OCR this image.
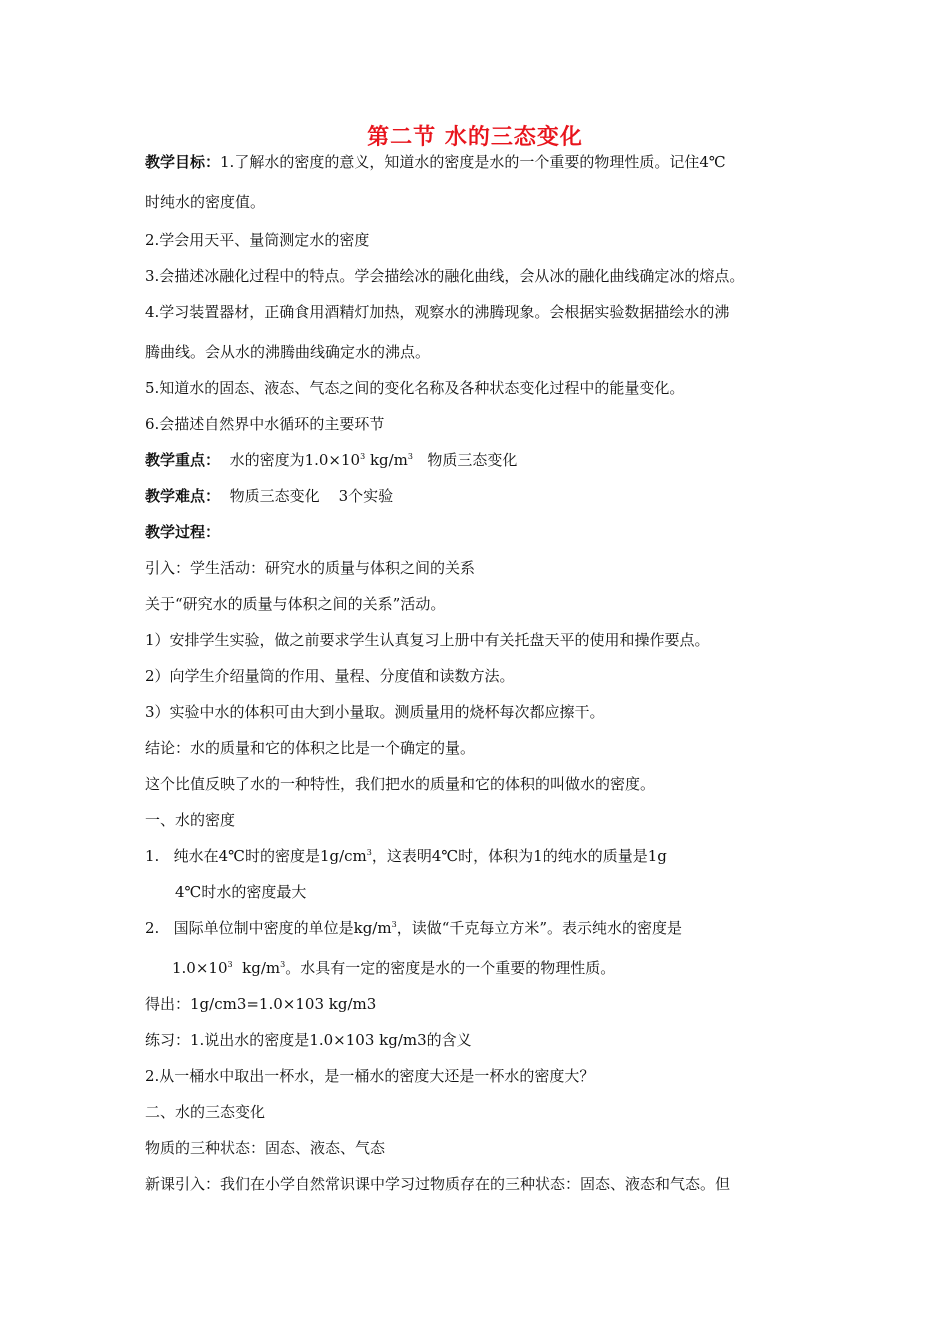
第二节 水的三态变化
教学目标：1.了解水的密度的意义，知道水的密度是水的一个重要的物理性质。记住4℃
时纯水的密度值。
2.学会用天平、量筒测定水的密度
3.会描述冰融化过程中的特点。学会描绘冰的融化曲线，会从冰的融化曲线确定冰的熔点。
4.学习装置器材，正确食用酒精灯加热，观察水的沸腾现象。会根据实验数据描绘水的沸
腾曲线。会从水的沸腾曲线确定水的沸点。
5.知道水的固态、液态、气态之间的变化名称及各种状态变化过程中的能量变化。
6.会描述自然界中水循环的主要环节
教学重点： 水的密度为$1.0\times 10^3$ $kg/m^3$   物质三态变化
教学难点： 物质三态变化    3个实验
教学过程：
引入：学生活动：研究水的质量与体积之间的关系
关于“研究水的质量与体积之间的关系”活动。
1）安排学生实验，做之前要求学生认真复习上册中有关托盘天平的使用和操作要点。
2）向学生介绍量筒的作用、量程、分度值和读数方法。
3）实验中水的体积可由大到小量取。测质量用的烧杯每次都应擦干。
结论：水的质量和它的体积之比是一个确定的量。
这个比值反映了水的一种特性，我们把水的质量和它的体积的叫做水的密度。
一、水的密度
1.   纯水在4℃时的密度是$1g/cm^3$，这表明4℃时，体积为1的纯水的质量是1g
4℃时水的密度最大
2.   国际单位制中密度的单位是$kg/m^3$，读做“千克每立方米”。表示纯水的密度是
$1.0\times 10^3$  $kg/m^3$。水具有一定的密度是水的一个重要的物理性质。
得出：1g/cm3=1.0×103 kg/m3
练习：1.说出水的密度是1.0×103 kg/m3的含义
2.从一桶水中取出一杯水，是一桶水的密度大还是一杯水的密度大？
二、水的三态变化
物质的三种状态：固态、液态、气态
新课引入：我们在小学自然常识课中学习过物质存在的三种状态：固态、液态和气态。但
